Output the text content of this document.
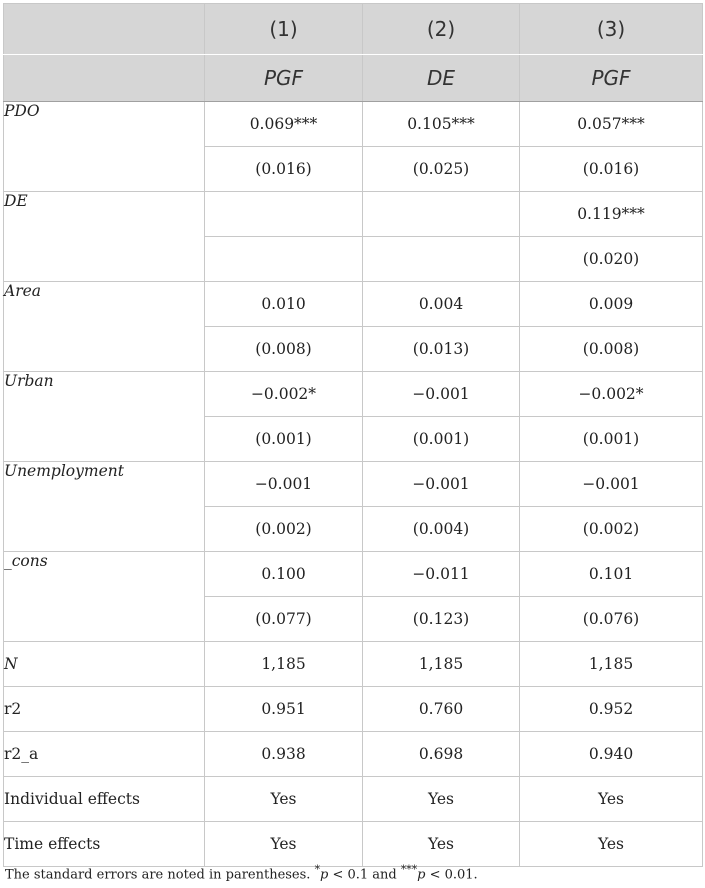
	(1)	(2)	(3)
	PGF	DE	PGF
PDO	0.069***	0.105***	0.057***
	(0.016)	(0.025)	(0.016)
DE			0.119***
			(0.020)
Area	0.010	0.004	0.009
	(0.008)	(0.013)	(0.008)
Urban	−0.002*	−0.001	−0.002*
	(0.001)	(0.001)	(0.001)
Unemployment	−0.001	−0.001	−0.001
	(0.002)	(0.004)	(0.002)
_cons	0.100	−0.011	0.101
	(0.077)	(0.123)	(0.076)
N	1,185	1,185	1,185
r2	0.951	0.760	0.952
r2_a	0.938	0.698	0.940
Individual effects	Yes	Yes	Yes
Time effects	Yes	Yes	Yes
The standard errors are noted in parentheses. *p < 0.1 and ***p < 0.01.
